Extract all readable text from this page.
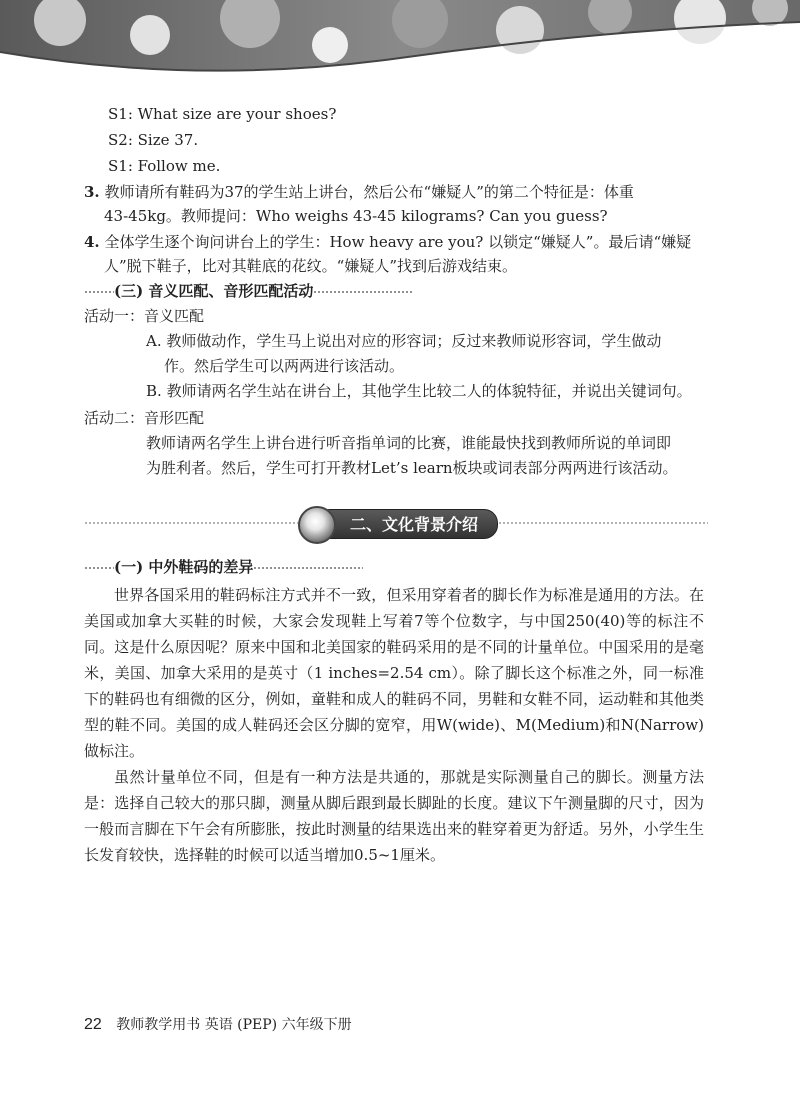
S1: What size are your shoes?
S2: Size 37.
S1: Follow me.
3. 教师请所有鞋码为37的学生站上讲台，然后公布“嫌疑人”的第二个特征是：体重
43-45kg。教师提问：Who weighs 43-45 kilograms? Can you guess?
4. 全体学生逐个询问讲台上的学生：How heavy are you? 以锁定“嫌疑人”。最后请“嫌疑
人”脱下鞋子，比对其鞋底的花纹。“嫌疑人”找到后游戏结束。
(三) 音义匹配、音形匹配活动
活动一：音义匹配
A. 教师做动作，学生马上说出对应的形容词；反过来教师说形容词，学生做动
作。然后学生可以两两进行该活动。
B. 教师请两名学生站在讲台上，其他学生比较二人的体貌特征，并说出关键词句。
活动二：音形匹配
教师请两名学生上讲台进行听音指单词的比赛，谁能最快找到教师所说的单词即
为胜利者。然后，学生可打开教材Let’s learn板块或词表部分两两进行该活动。
二、文化背景介绍
(一) 中外鞋码的差异
世界各国采用的鞋码标注方式并不一致，但采用穿着者的脚长作为标准是通用的方法。在美国或加拿大买鞋的时候，大家会发现鞋上写着7等个位数字，与中国250(40)等的标注不同。这是什么原因呢？原来中国和北美国家的鞋码采用的是不同的计量单位。中国采用的是毫米，美国、加拿大采用的是英寸（1 inches=2.54 cm）。除了脚长这个标准之外，同一标准下的鞋码也有细微的区分，例如，童鞋和成人的鞋码不同，男鞋和女鞋不同，运动鞋和其他类型的鞋不同。美国的成人鞋码还会区分脚的宽窄，用W(wide)、M(Medium)和N(Narrow)做标注。
虽然计量单位不同，但是有一种方法是共通的，那就是实际测量自己的脚长。测量方法是：选择自己较大的那只脚，测量从脚后跟到最长脚趾的长度。建议下午测量脚的尺寸，因为一般而言脚在下午会有所膨胀，按此时测量的结果选出来的鞋穿着更为舒适。另外，小学生生长发育较快，选择鞋的时候可以适当增加0.5~1厘米。
22 教师教学用书 英语 (PEP) 六年级下册
